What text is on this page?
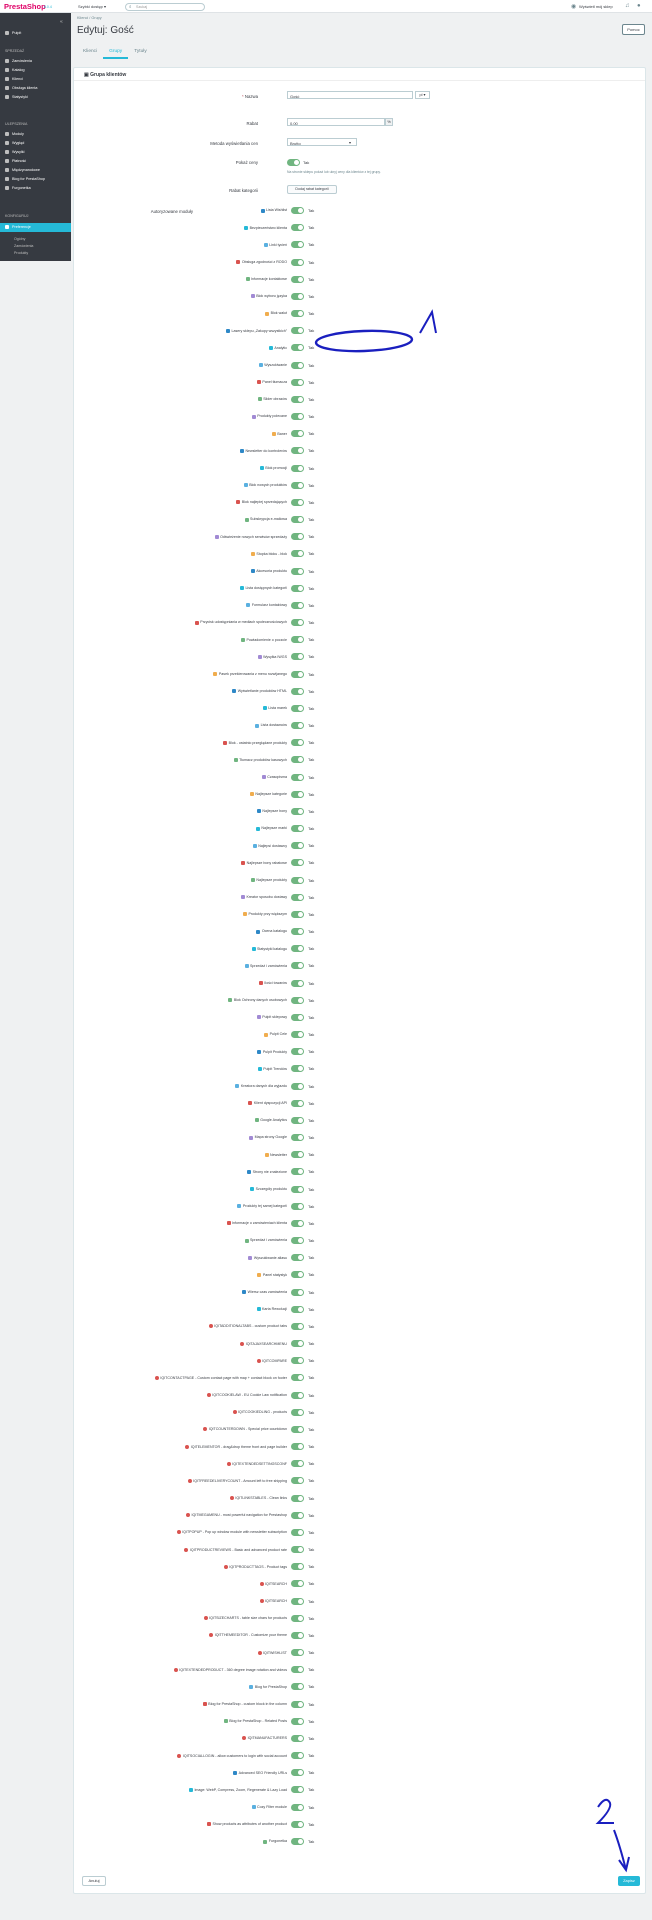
PrestaShop
8.0.4	Szybki dostęp ▾	⌕ Szukaj	◉ Wyświetl mój sklep ♫ ●
«
Pulpit
SPRZEDAŻ
Zamówienia
Katalog
Klienci
Obsługa klienta
Statystyki
ULEPSZENIA
Moduły
Wygląd
Wysyłki
Płatność
Międzynarodowe
Blog for PrestaShop
Furgonetka
KONFIGURUJ
Preferencje
Ogólny
Zamówienia
Produkty
Klienci / Grupy
Edytuj: Gość	Pomoc
Klienci	Grupy	Tytuły
▣ Grupa klientów
* Nazwa	Gość	pl ▾
Rabat	0.00	%
Metoda wyświetlania cen	Brutto	▾
Pokaż ceny	Tak
Na stronie sklepu pokaż lub ukryj ceny dla klientów z tej grupy.
Rabat kategorii	Dodaj rabat kategorii
Autoryzowane moduły	Lista Wishlist	Tak
Bezpieczeństwo klienta	Tak
Linki tycień	Tak
Obsługa zgodności z RODO	Tak
Informacje kontaktowe	Tak
Blok wyboru języka	Tak
Blok walut	Tak
Lasery sklepu „Zakupy wszystkich”	Tak
Analytic	Tak
Wyszukiwanie	Tak
Panel tłumacza	Tak
Slider obrazów	Tak
Produkty polecane	Tak
Baner	Tak
Newsletter do kontrolerów	Tak
Blok promocji	Tak
Blok nowych produktów	Tak
Blok najlepiej sprzedających	Tak
Subskrypcja e-mailowa	Tak
Odświeżenie nowych serwisów sprzedaży	Tak
Stopka bloku - blok	Tak
Akcesoria produktu	Tak
Lista dostępnych kategorii	Tak
Formularz kontaktowy	Tak
Przycisk udostępniania w mediach społecznościowych	Tak
Powiadomienie o poczcie	Tak
Wysyłka IWGS	Tak
Pasek przekierowania z menu rozwijanego	Tak
Wyświetlanie produktów HTML	Tak
Lista marek	Tak
Lista dostawców	Tak
Blok - ostatnio przeglądane produkty	Tak
Tłumacz produktów kasowych	Tak
Czasopisma	Tak
Najlepsze kategorie	Tak
Najlepsze bony	Tak
Najlepsze marki	Tak
Najlepsi dostawcy	Tak
Najlepsze bony rabatowe	Tak
Najlepsze produkty	Tak
Kreator sposobu dostawy	Tak
Produkty przy większym	Tak
Ocena katalogu	Tak
Statystyki katalogu	Tak
Sprzedaż i zamówienia	Tak
Ilości towarów	Tak
Blok Ochrony danych osobowych	Tak
Pulpit sklepowy	Tak
Pulpit Cele	Tak
Pulpit Produkty	Tak
Pulpit Trendów	Tak
Kreatora danych dla wyjazdu	Tak
Klient dyspozycji API	Tak
Google Analytics	Tak
Mapa strony Google	Tak
Newsletter	Tak
Strony nie znalezione	Tak
Szczegóły produktu	Tak
Produkty tej samej kategorii	Tak
Informacje o zamówieniach klienta	Tak
Sprzedaż i zamówienia	Tak
Wyszukiwanie aliasu	Tak
Panel statystyk	Tak
Wiersz czas zamówienia	Tak
Karta Rewolucji	Tak
IQITADDITIONALTABS - custom product tabs	Tak
IQITAJAXSEARCHMENU	Tak
IQITCOMPARE	Tak
IQITCONTACTPAGE - Custom contact page with map + contact block on footer	Tak
IQITCOOKIELAW - EU Cookie Law notification	Tak
IQITCOOKIEDLING - products	Tak
IQITCOUNTERDOWN - Special price countdown	Tak
IQITELEMENTOR - drag&drop theme front and page builder	Tak
IQITEXTENDEDSETTINGSCONF	Tak
IQITFREEDELIVERYCOUNT - Amount left to free shipping	Tak
IQITLINKSTABLES - Clean links	Tak
IQITMEGAMENU - most powerful navigation for Prestashop	Tak
IQITPOPUP - Pop up window module with newsletter subscription	Tak
IQITPRODUCTREVIEWS - Basic and advanced product rate	Tak
IQITPRODUCTTAGS - Product tags	Tak
IQITSEARCH	Tak
IQITSEARCH	Tak
IQITSIZECHARTS - table size chars for products	Tak
IQITTHEMEEDITOR - Customize your theme	Tak
IQITWISHLIST	Tak
IQITEXTENDEDPRODUCT - 360 degree image rotation and videos	Tak
Blog for PrestaShop	Tak
Blog for PrestaShop - custom block in the column	Tak
Blog for PrestaShop - Related Posts	Tak
IQITMANUFACTURERS	Tak
IQITSOCIALLOGIN - allow customers to login with social account	Tak
Advanced SEO Friendly URLs	Tak
Image: WebP, Compress, Zoom, Regenerate & Lazy Load	Tak
Cozy Filter module	Tak
Show products as attributes of another product	Tak
Furgonetka	Tak
Anuluj	Zapisz
